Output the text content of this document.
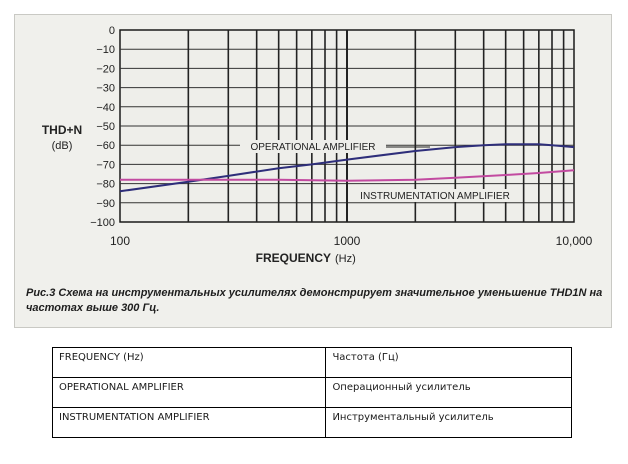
0
−10
−20
−30
−40
−50
−60
−70
−80
−90
−100
100	1000	10,000
THD+N
(dB)
FREQUENCY (Hz)
OPERATIONAL AMPLIFIER
INSTRUMENTATION AMPLIFIER
Рис.3 Схема на инструментальных усилителях демонстрирует значительное уменьшение THD1N на частотах выше 300 Гц.
FREQUENCY (Hz)	Частота (Гц)
OPERATIONAL AMPLIFIER	Операционный усилитель
INSTRUMENTATION AMPLIFIER	Инструментальный усилитель
